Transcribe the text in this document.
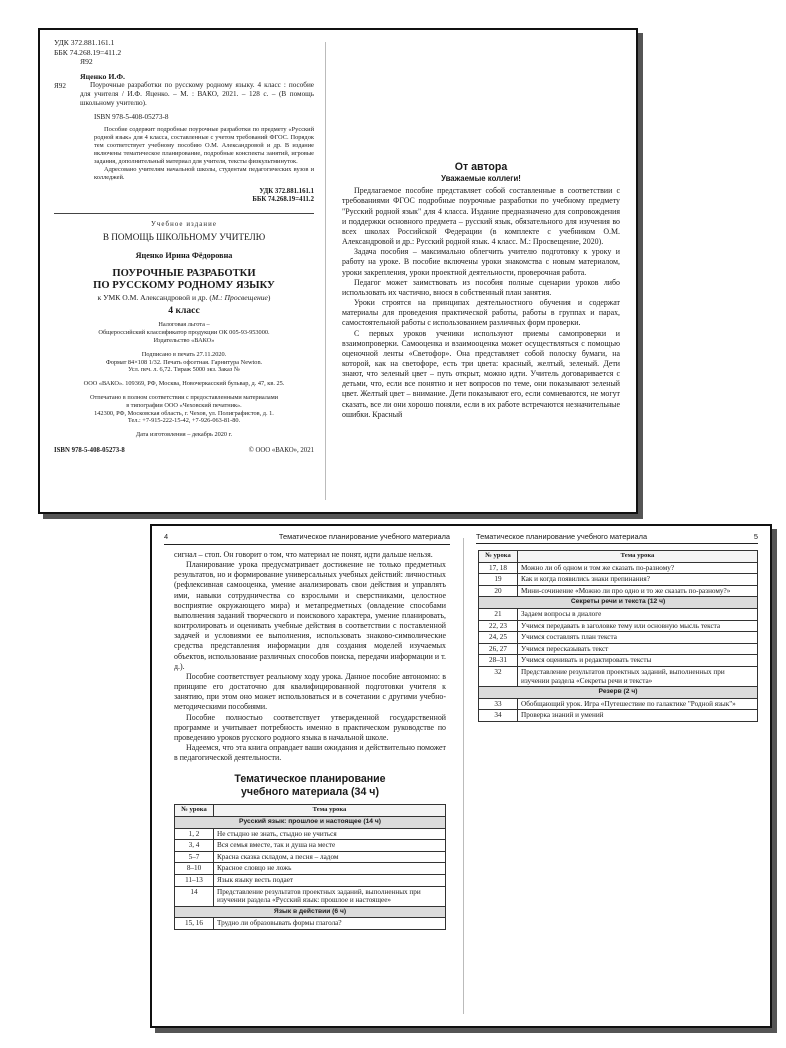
УДК 372.881.161.1
ББК 74.268.19=411.2
Я92
Я92
Яценко И.Ф.
Поурочные разработки по русскому родному языку. 4 класс : пособие для учителя / И.Ф. Яценко. – М. : ВАКО, 2021. – 128 с. – (В помощь школьному учителю).
ISBN 978-5-408-05273-8
Пособие содержит подробные поурочные разработки по предмету «Русский родной язык» для 4 класса, составленные с учетом требований ФГОС. Порядок тем соответствует учебному пособию О.М. Александровой и др. В издание включены тематическое планирование, подробные конспекты занятий, игровые задания, дополнительный материал для учителя, тексты физкультминуток.
Адресовано учителям начальной школы, студентам педагогических вузов и колледжей.
УДК 372.881.161.1
ББК 74.268.19=411.2
Учебное издание
В ПОМОЩЬ ШКОЛЬНОМУ УЧИТЕЛЮ
Яценко Ирина Фёдоровна
ПОУРОЧНЫЕ РАЗРАБОТКИ
ПО РУССКОМУ РОДНОМУ ЯЗЫКУ
к УМК О.М. Александровой и др. (М.: Просвещение)
4 класс
Налоговая льгота –
Общероссийский классификатор продукции ОК 005-93-953000.
Издательство «ВАКО»
Подписано в печать 27.11.2020.
Формат 84×108 1/32. Печать офсетная. Гарнитура Newton.
Усл. печ. л. 6,72. Тираж 5000 экз. Заказ №
ООО «ВАКО». 109369, РФ, Москва, Новочеркасский бульвар, д. 47, кв. 25.
Отпечатано в полном соответствии с предоставленными материалами
в типографии ООО «Чеховский печатник».
142300, РФ, Московская область, г. Чехов, ул. Полиграфистов, д. 1.
Тел.: +7-915-222-15-42, +7-926-063-81-80.
Дата изготовления – декабрь 2020 г.
ISBN 978-5-408-05273-8	© ООО «ВАКО», 2021
От автора
Уважаемые коллеги!
Предлагаемое пособие представляет собой составленные в соответствии с требованиями ФГОС подробные поурочные разработки по учебному предмету "Русский родной язык" для 4 класса. Издание предназначено для сопровождения и поддержки основного предмета – русский язык, обязательного для изучения во всех школах Российской Федерации (в комплекте с учебником О.М. Александровой и др.: Русский родной язык. 4 класс. М.: Просвещение, 2020).
Задача пособия – максимально облегчить учителю подготовку к уроку и работу на уроке. В пособие включены уроки знакомства с новым материалом, уроки закрепления, уроки проектной деятельности, проверочная работа.
Педагог может заимствовать из пособия полные сценарии уроков либо использовать их частично, внося в собственный план занятия.
Уроки строятся на принципах деятельностного обучения и содержат материалы для проведения практической работы, работы в группах и парах, самостоятельной работы с использованием различных форм проверки.
С первых уроков ученики используют приемы самопроверки и взаимопроверки. Самооценка и взаимооценка может осуществляться с помощью оценочной ленты «Светофор». Она представляет собой полоску бумаги, на которой, как на светофоре, есть три цвета: красный, желтый, зеленый. Дети знают, что зеленый цвет – путь открыт, можно идти. Учитель договаривается с детьми, что, если все понятно и нет вопросов по теме, они показывают зеленый цвет. Желтый цвет – внимание. Дети показывают его, если сомневаются, не могут сказать, все ли они хорошо поняли, если в их работе встречаются незначительные ошибки. Красный
4	Тематическое планирование учебного материала
сигнал – стоп. Он говорит о том, что материал не понят, идти дальше нельзя.
Планирование урока предусматривает достижение не только предметных результатов, но и формирование универсальных учебных действий: личностных (рефлексивная самооценка, умение анализировать свои действия и управлять ими, навыки сотрудничества со взрослыми и сверстниками, целостное восприятие окружающего мира) и метапредметных (овладение способами выполнения заданий творческого и поискового характера, умение планировать, контролировать и оценивать учебные действия в соответствии с поставленной задачей и условиями ее выполнения, использовать знаково-символические средства представления информации для создания моделей изучаемых объектов, использование различных способов поиска, передачи информации и т. д.).
Пособие соответствует реальному ходу урока. Данное пособие автономно: в принципе его достаточно для квалифицированной подготовки учителя к занятию, при этом оно может использоваться и в сочетании с другими учебно-методическими пособиями.
Пособие полностью соответствует утвержденной государственной программе и учитывает потребность именно в практическом руководстве по проведению уроков русского родного языка в начальной школе.
Надеемся, что эта книга оправдает ваши ожидания и действительно поможет в педагогической деятельности.
Тематическое планирование
учебного материала (34 ч)
№ урока	Тема урока
Русский язык: прошлое и настоящее (14 ч)	
1, 2	Не стыдно не знать, стыдно не учиться
3, 4	Вся семья вместе, так и душа на месте
5–7	Красна сказка складом, а песня – ладом
8–10	Красное словцо не ложь
11–13	Язык языку весть подает
14	Представление результатов проектных заданий, выполненных при изучении раздела «Русский язык: прошлое и настоящее»
Язык в действии (6 ч)	
15, 16	Трудно ли образовывать формы глагола?
Тематическое планирование учебного материала	5
№ урока	Тема урока
17, 18	Можно ли об одном и том же сказать по-разному?
19	Как и когда появились знаки препинания?
20	Мини-сочинение «Можно ли про одно и то же сказать по-разному?»
Секреты речи и текста (12 ч)	
21	Задаем вопросы в диалоге
22, 23	Учимся передавать в заголовке тему или основную мысль текста
24, 25	Учимся составлять план текста
26, 27	Учимся пересказывать текст
28–31	Учимся оценивать и редактировать тексты
32	Представление результатов проектных заданий, выполненных при изучении раздела «Секреты речи и текста»
Резерв (2 ч)	
33	Обобщающий урок. Игра «Путешествие по галактике "Родной язык"»
34	Проверка знаний и умений
